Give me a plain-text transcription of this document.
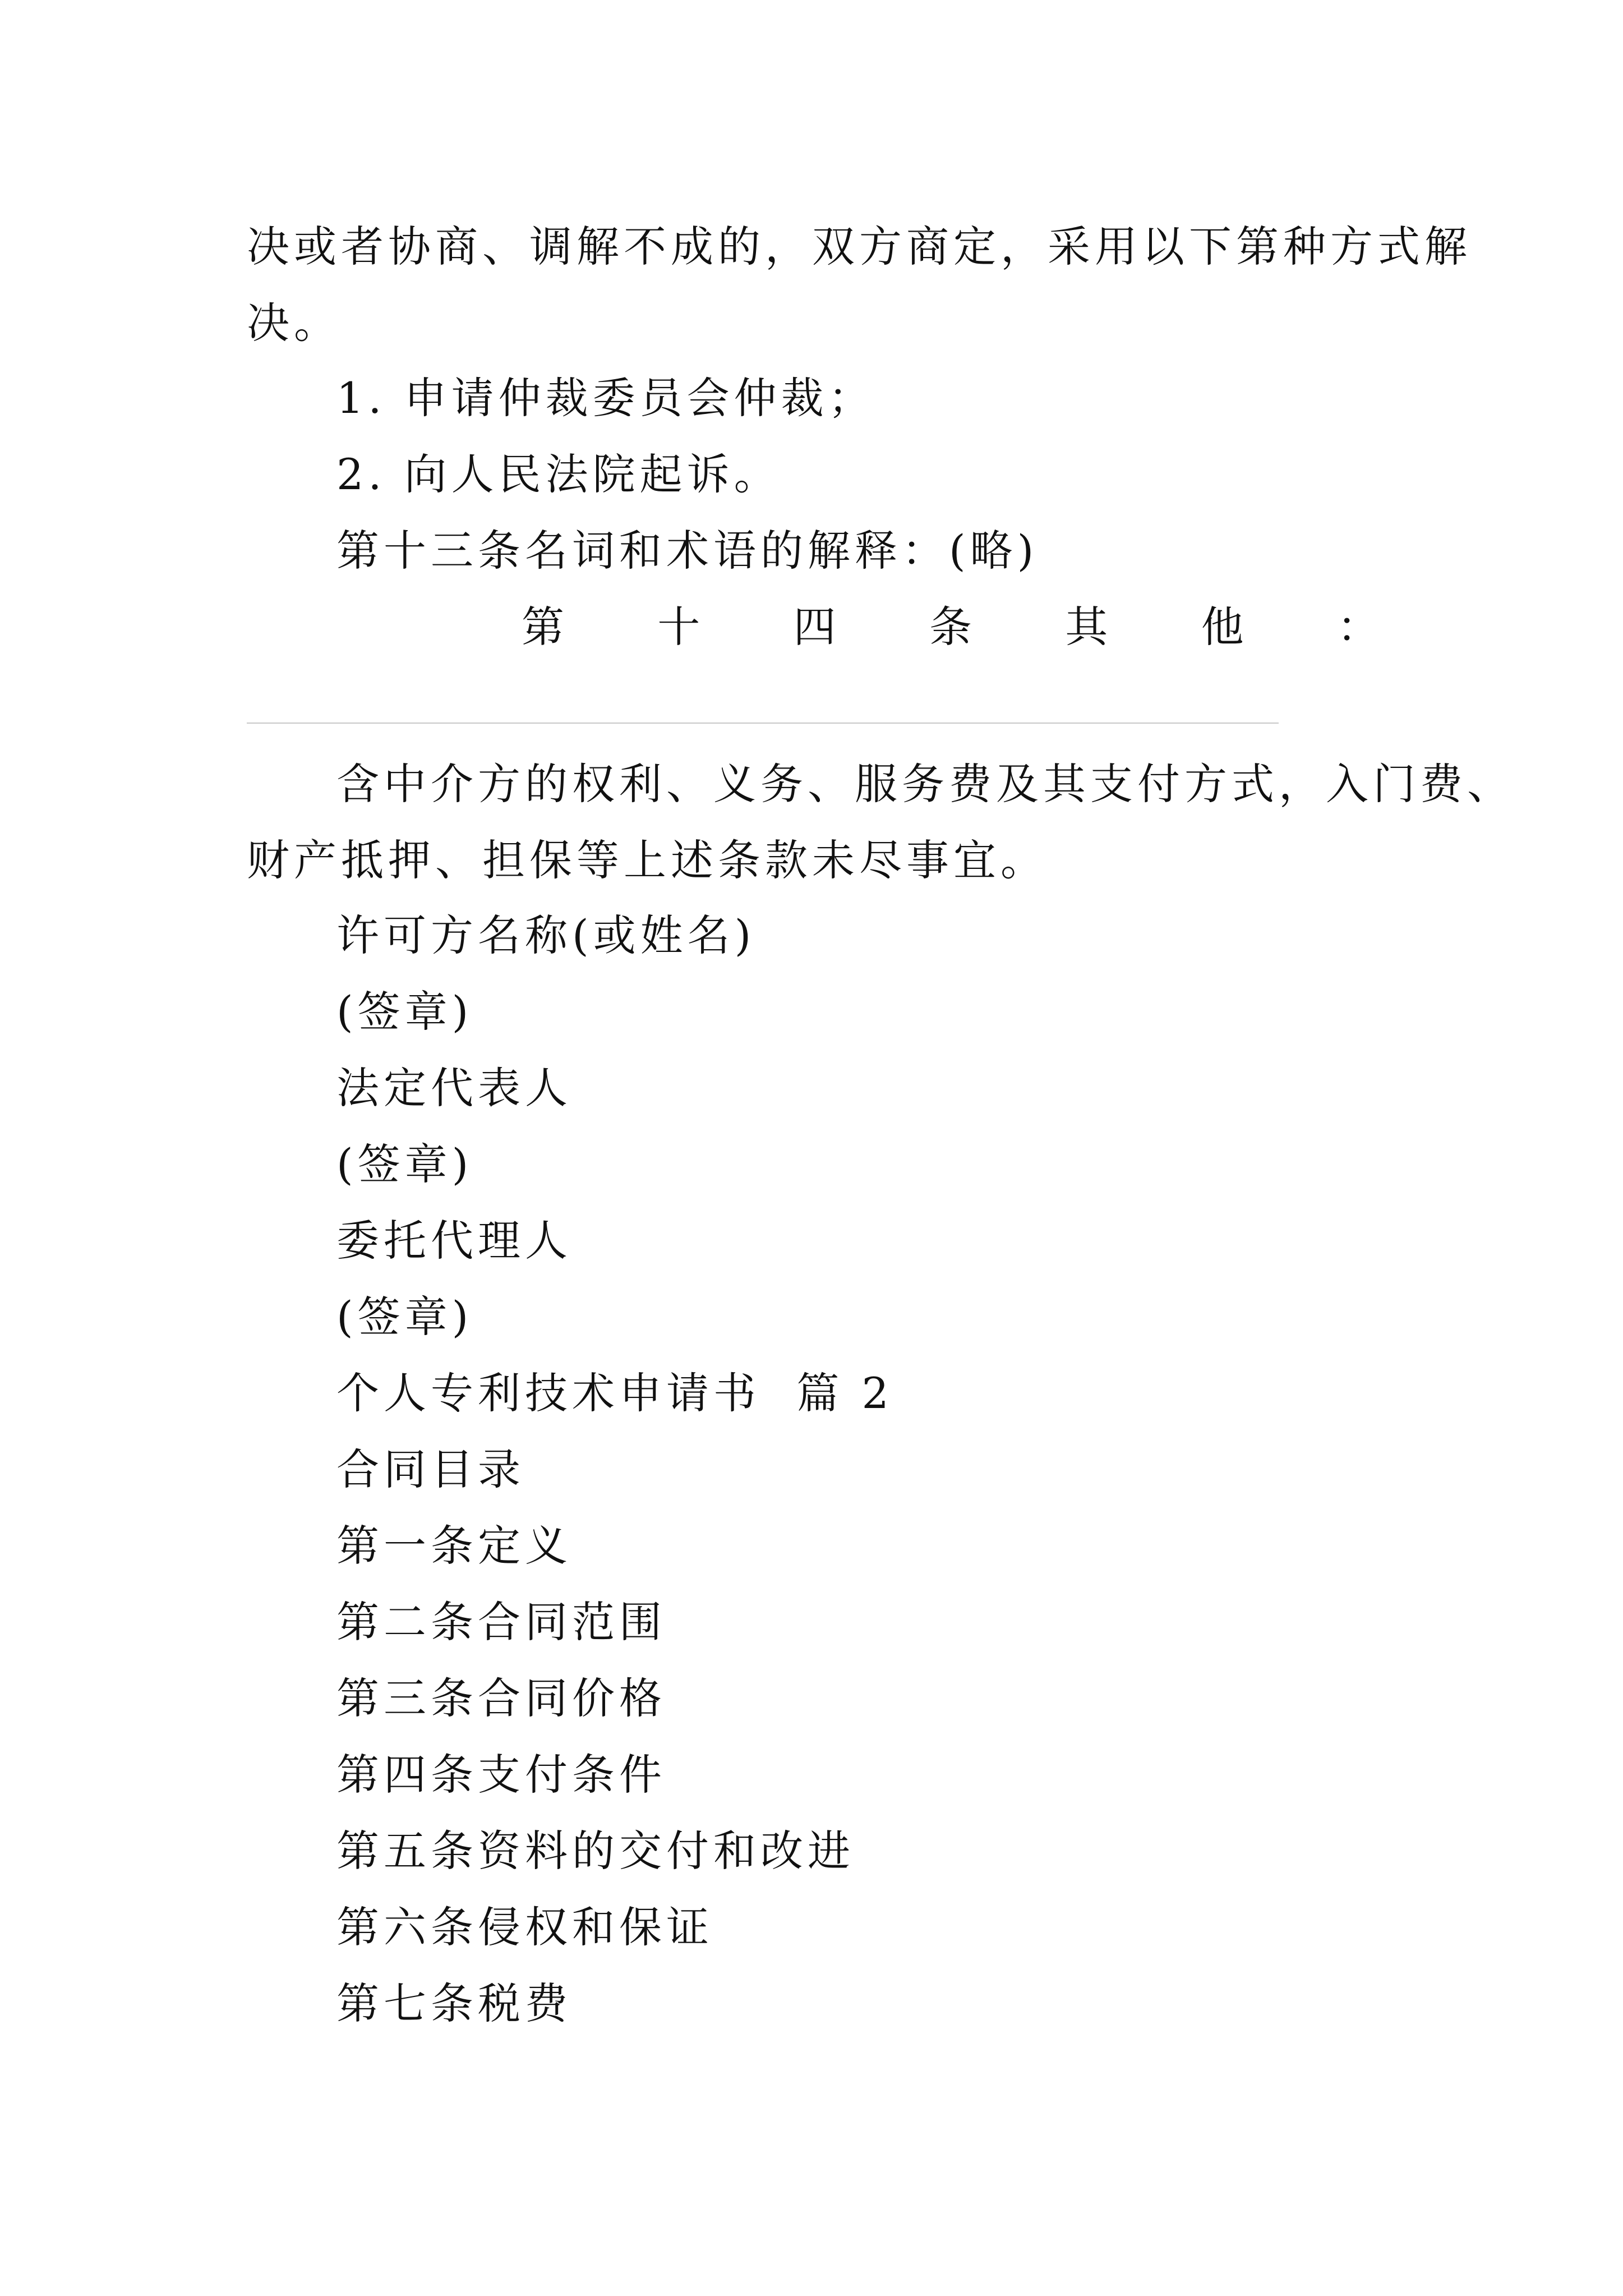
决或者协商、调解不成的，双方商定，采用以下第种方式解
决。
1. 申请仲裁委员会仲裁；
2. 向人民法院起诉。
第十三条名词和术语的解释：(略)
第 十 四 条 其 他 ：
含中介方的权利、义务、服务费及其支付方式，入门费、
财产抵押、担保等上述条款未尽事宜。
许可方名称(或姓名)
(签章)
法定代表人
(签章)
委托代理人
(签章)
个人专利技术申请书  篇 2
合同目录
第一条定义
第二条合同范围
第三条合同价格
第四条支付条件
第五条资料的交付和改进
第六条侵权和保证
第七条税费
